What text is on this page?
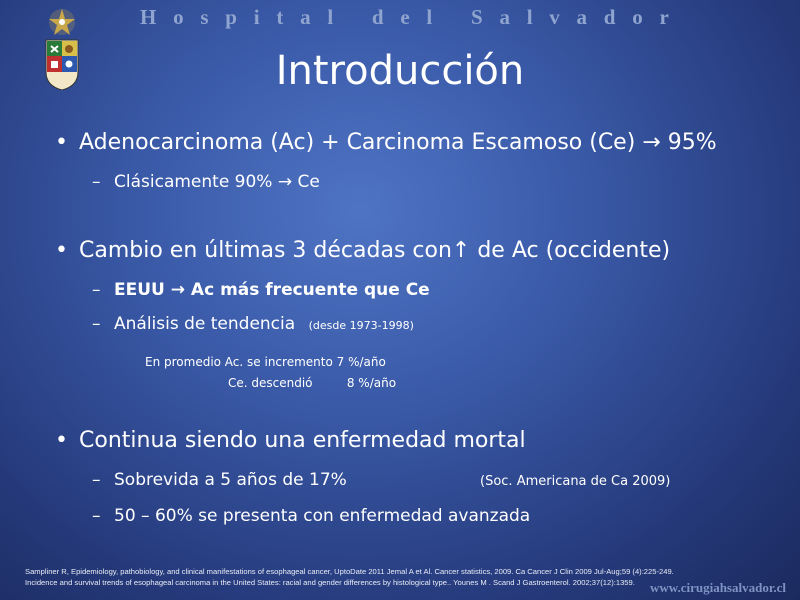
H o s p i t a l
d e l
S a l v a d o r
Introducción
• Adenocarcinoma (Ac) + Carcinoma Escamoso (Ce) → 95%
– Clásicamente 90% → Ce
• Cambio en últimas 3 décadas con↑ de Ac (occidente)
– EEUU → Ac más frecuente que Ce
– Análisis de tendencia (desde 1973-1998)
En promedio Ac. se incremento 7 %/año
Ce. descendió         8 %/año
• Continua siendo una enfermedad mortal
– Sobrevida a 5 años de 17%	(Soc. Americana de Ca 2009)
– 50 – 60% se presenta con enfermedad avanzada
Sampliner R, Epidemiology, pathobiology, and clinical manifestations of esophageal cancer, UptoDate 2011 Jemal A et Al. Cancer statistics, 2009. Ca Cancer J Clin 2009 Jul-Aug;59 (4):225-249.
Incidence and survival trends of esophageal carcinoma in the United States: racial and gender differences by histological type.. Younes M . Scand J Gastroenterol. 2002;37(12):1359.	www.cirugiahsalvador.cl
